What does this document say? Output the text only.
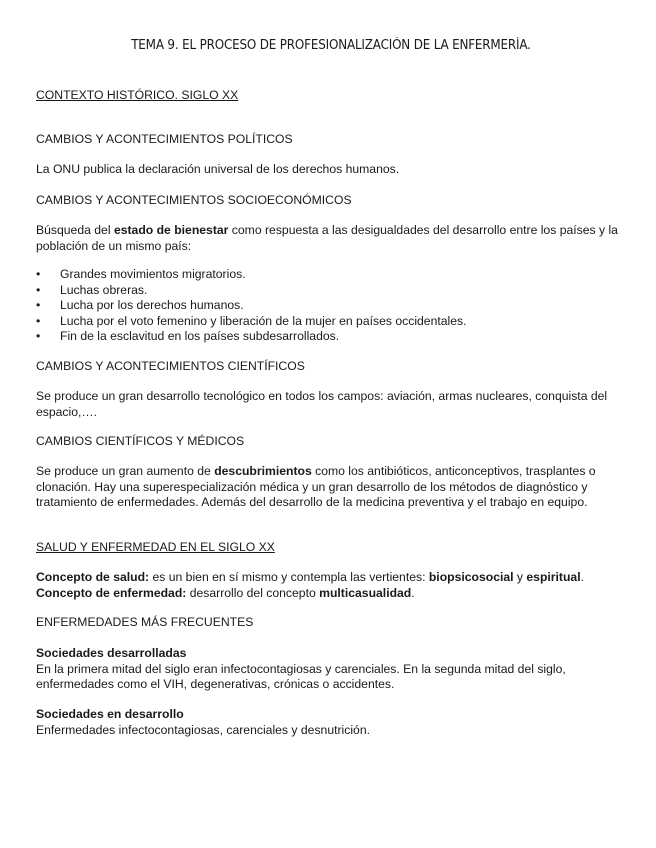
TEMA 9. EL PROCESO DE PROFESIONALIZACIÓN DE LA ENFERMERÍA.
CONTEXTO HISTÓRICO. SIGLO XX
CAMBIOS Y ACONTECIMIENTOS POLÍTICOS
La ONU publica la declaración universal de los derechos humanos.
CAMBIOS Y ACONTECIMIENTOS SOCIOECONÓMICOS

Búsqueda del estado de bienestar como respuesta a las desigualdades del desarrollo entre los países y la población de un mismo país:

• Grandes movimientos migratorios.
• Luchas obreras.
• Lucha por los derechos humanos.
• Lucha por el voto femenino y liberación de la mujer en países occidentales.
• Fin de la esclavitud en los países subdesarrollados.
CAMBIOS Y ACONTECIMIENTOS CIENTÍFICOS
Se produce un gran desarrollo tecnológico en todos los campos: aviación, armas nucleares, conquista del espacio,….
CAMBIOS CIENTÍFICOS Y MÉDICOS

Se produce un gran aumento de descubrimientos como los antibióticos, anticonceptivos, trasplantes o clonación. Hay una superespecialización médica y un gran desarrollo de los métodos de diagnóstico y tratamiento de enfermedades. Además del desarrollo de la medicina preventiva y el trabajo en equipo.

SALUD Y ENFERMEDAD EN EL SIGLO XX
Concepto de salud: es un bien en sí mismo y contempla las vertientes: biopsicosocial y espiritual.
Concepto de enfermedad: desarrollo del concepto multicasualidad.
ENFERMEDADES MÁS FRECUENTES
Sociedades desarrolladas
En la primera mitad del siglo eran infectocontagiosas y carenciales. En la segunda mitad del siglo, enfermedades como el VIH, degenerativas, crónicas o accidentes.
Sociedades en desarrollo
Enfermedades infectocontagiosas, carenciales y desnutrición.
